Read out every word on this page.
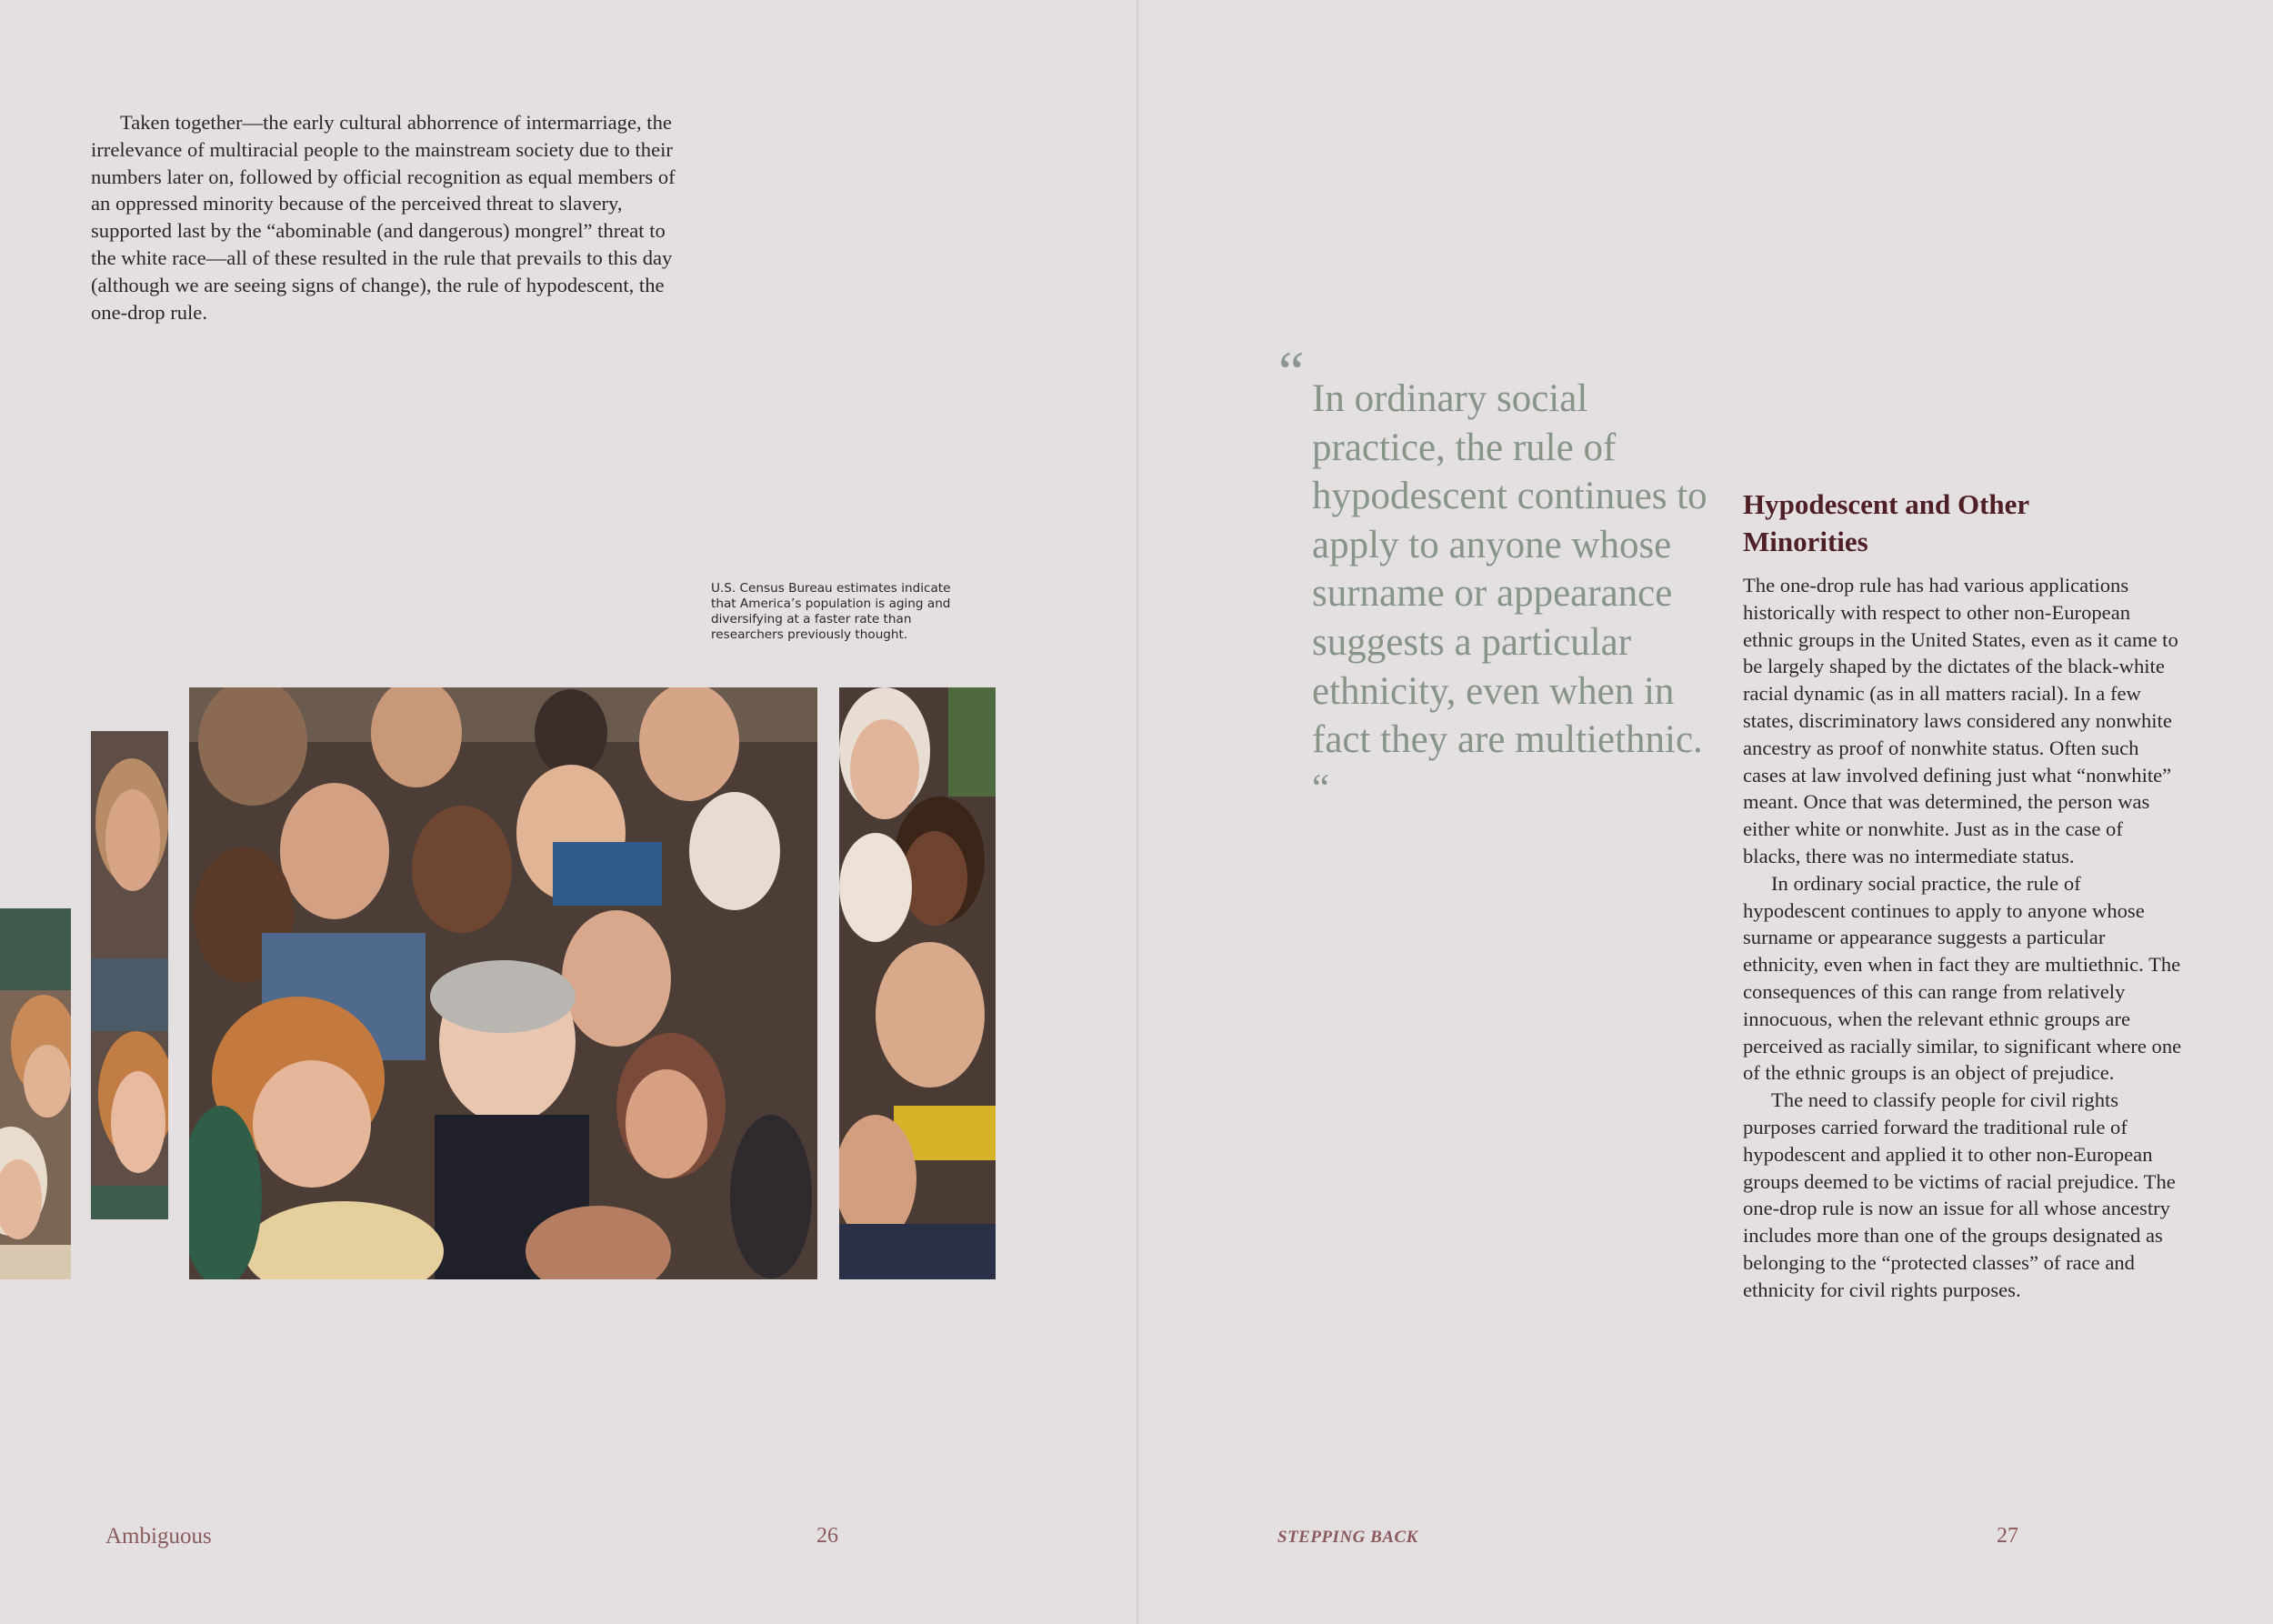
Taken together—the early cultural abhorrence of intermarriage, the irrelevance of multiracial people to the mainstream society due to their numbers later on, followed by official recognition as equal members of an oppressed minority because of the perceived threat to slavery, supported last by the “abominable (and dangerous) mongrel” threat to the white race—all of these resulted in the rule that prevails to this day (although we are seeing signs of change), the rule of hypodescent, the one-drop rule.

U.S. Census Bureau estimates indicate that America’s population is aging and diversifying at a faster rate than researchers previously thought.

Ambiguous	26
“ In ordinary social practice, the rule of hypodescent continues to apply to anyone whose surname or appearance suggests a particular ethnicity, even when in fact they are multiethnic. “

Hypodescent and Other Minorities

The one-drop rule has had various applications historically with respect to other non-European ethnic groups in the United States, even as it came to be largely shaped by the dictates of the black-white racial dynamic (as in all matters racial). In a few states, discriminatory laws considered any nonwhite ancestry as proof of nonwhite status. Often such cases at law involved defining just what “nonwhite” meant. Once that was determined, the person was either white or nonwhite. Just as in the case of blacks, there was no intermediate status.

In ordinary social practice, the rule of hypodescent continues to apply to anyone whose surname or appearance suggests a particular ethnicity, even when in fact they are multiethnic. The consequences of this can range from relatively innocuous, when the relevant ethnic groups are perceived as racially similar, to significant where one of the ethnic groups is an object of prejudice.

The need to classify people for civil rights purposes carried forward the traditional rule of hypodescent and applied it to other non-European groups deemed to be victims of racial prejudice. The one-drop rule is now an issue for all whose ancestry includes more than one of the groups designated as belonging to the “protected classes” of race and ethnicity for civil rights purposes.

STEPPING BACK	27
